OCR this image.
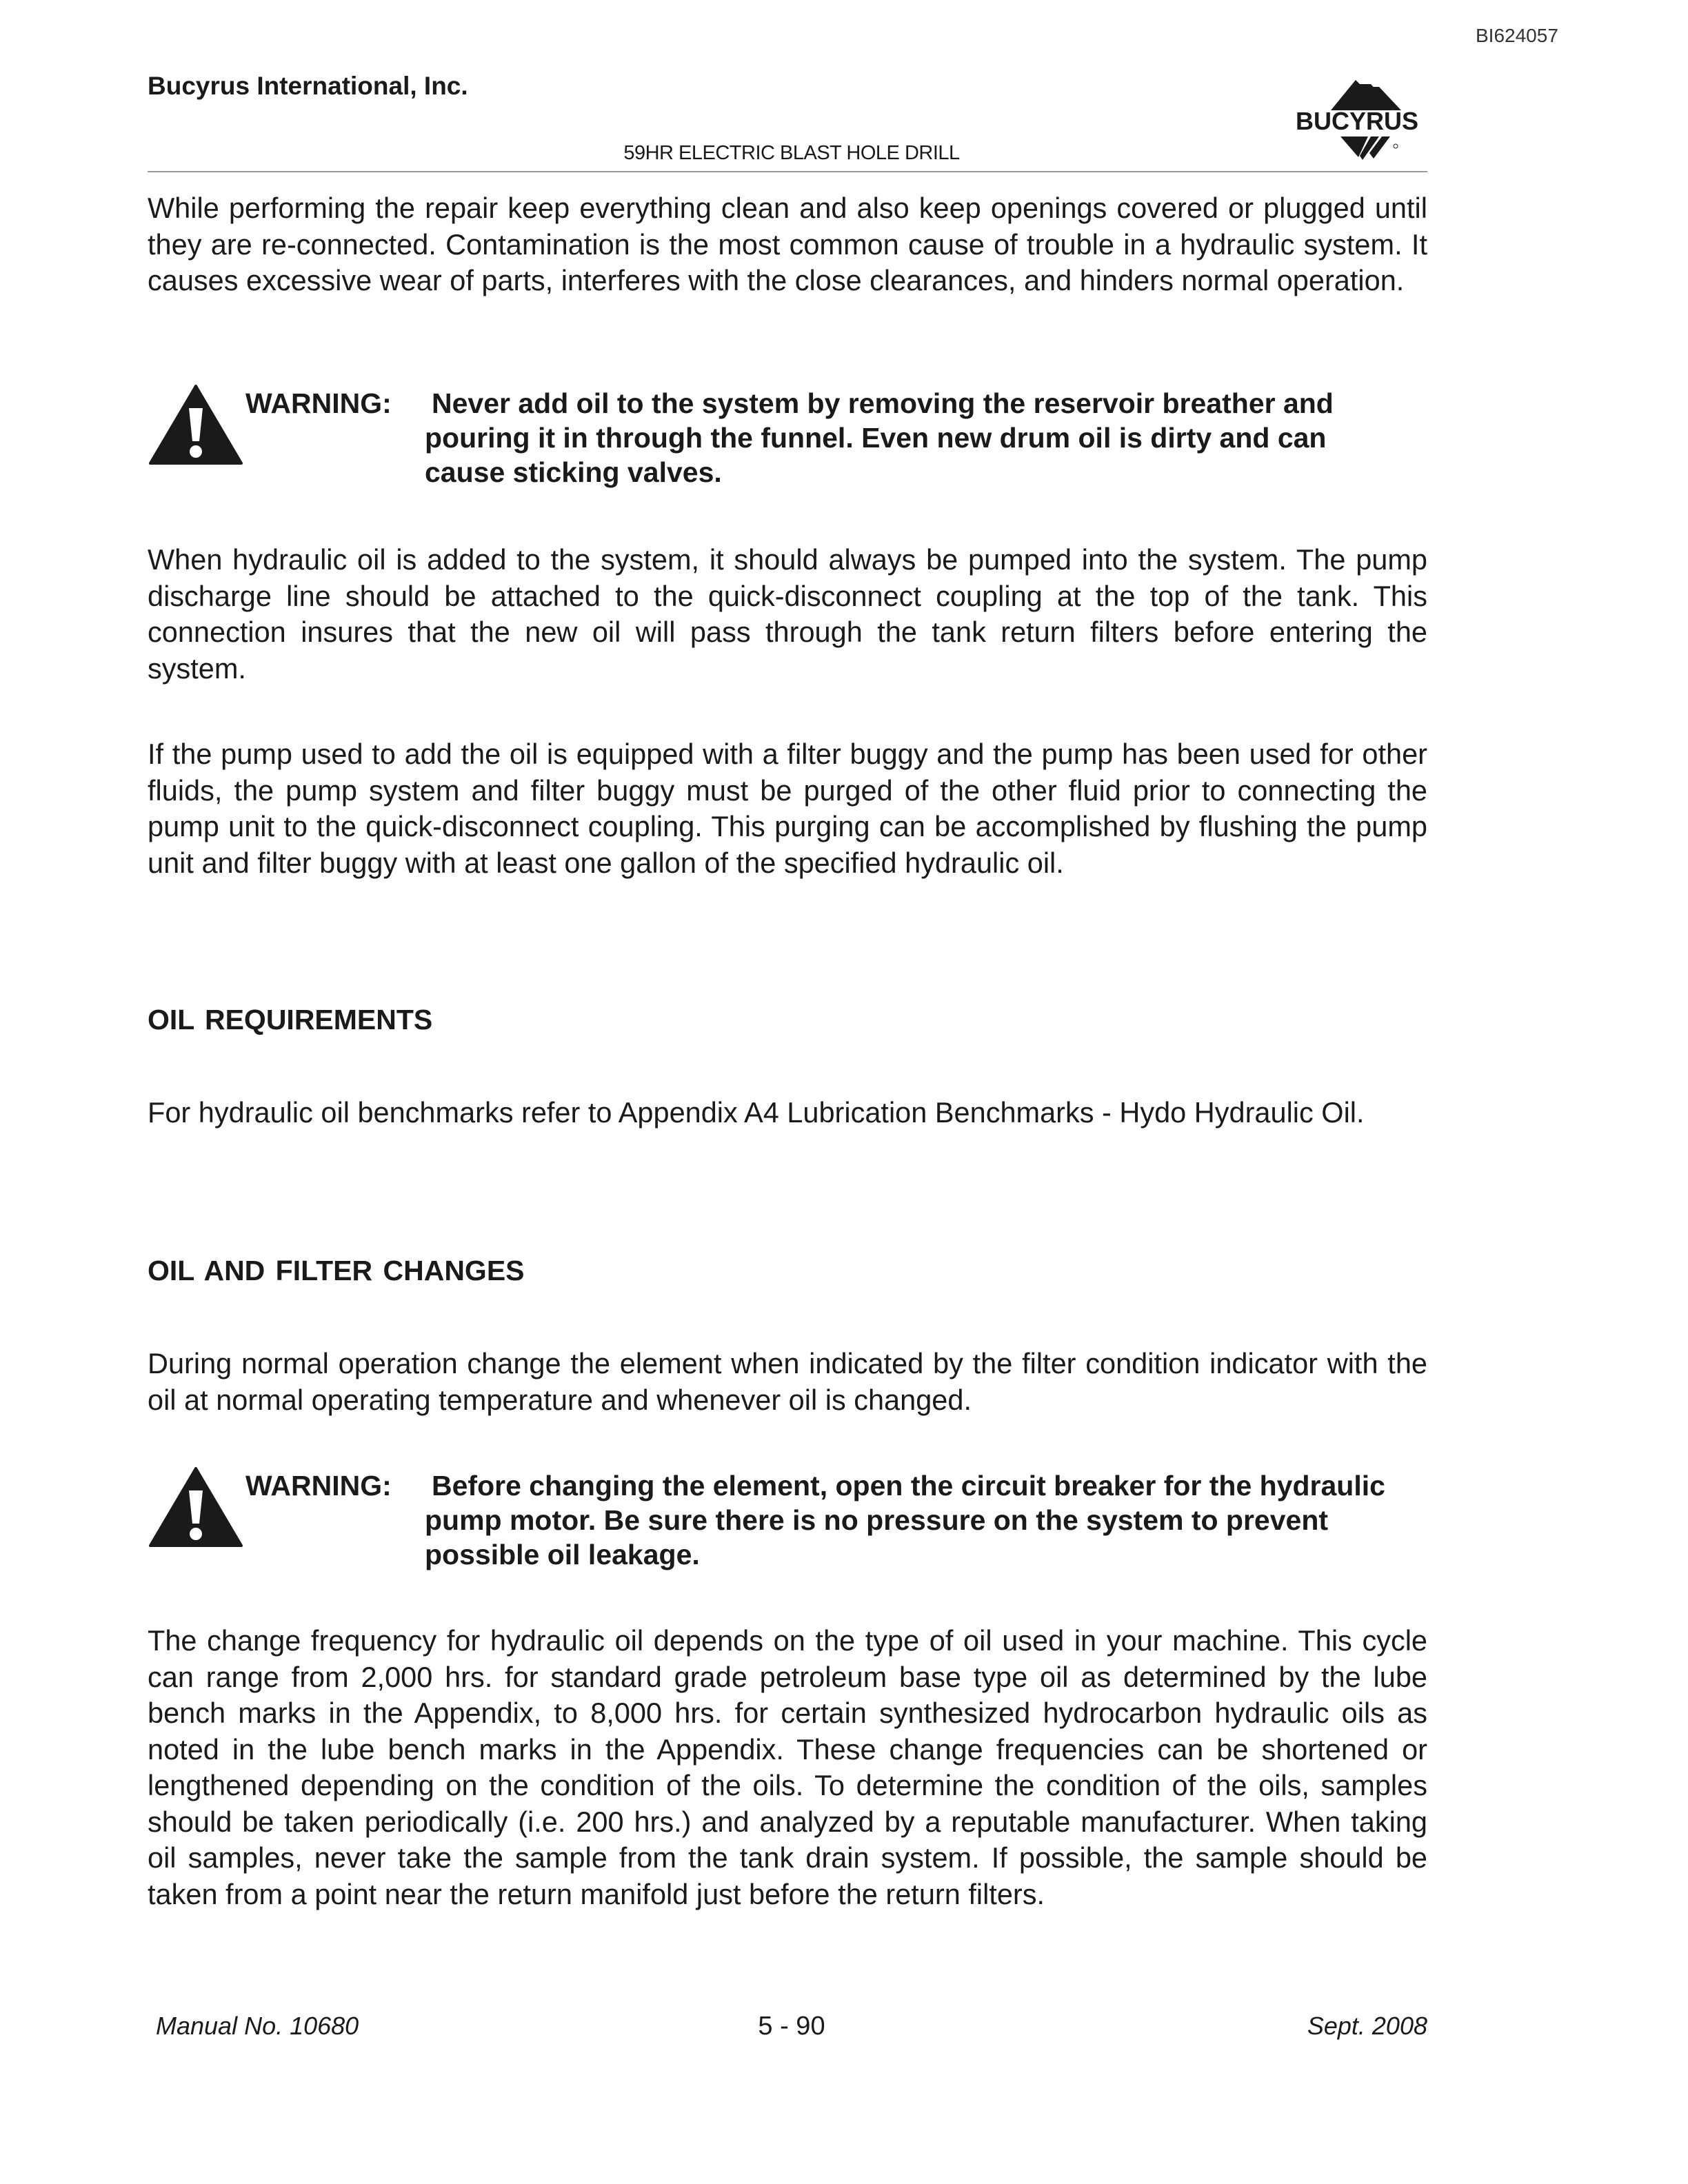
BI624057
Bucyrus International, Inc.
BUCYRUS
59HR ELECTRIC BLAST HOLE DRILL

While performing the repair keep everything clean and also keep openings covered or plugged until they are re-connected. Contamination is the most common cause of trouble in a hydraulic system. It causes excessive wear of parts, interferes with the close clearances, and hinders normal operation.

WARNING: Never add oil to the system by removing the reservoir breather and pouring it in through the funnel. Even new drum oil is dirty and can cause sticking valves.

When hydraulic oil is added to the system, it should always be pumped into the system. The pump discharge line should be attached to the quick-disconnect coupling at the top of the tank. This connection insures that the new oil will pass through the tank return filters before entering the system.

If the pump used to add the oil is equipped with a filter buggy and the pump has been used for other fluids, the pump system and filter buggy must be purged of the other fluid prior to connecting the pump unit to the quick-disconnect coupling. This purging can be accomplished by flushing the pump unit and filter buggy with at least one gallon of the specified hydraulic oil.

OIL REQUIREMENTS

For hydraulic oil benchmarks refer to Appendix A4 Lubrication Benchmarks - Hydo Hydraulic Oil.

OIL AND FILTER CHANGES

During normal operation change the element when indicated by the filter condition indicator with the oil at normal operating temperature and whenever oil is changed.

WARNING: Before changing the element, open the circuit breaker for the hydraulic pump motor. Be sure there is no pressure on the system to prevent possible oil leakage.

The change frequency for hydraulic oil depends on the type of oil used in your machine. This cycle can range from 2,000 hrs. for standard grade petroleum base type oil as determined by the lube bench marks in the Appendix, to 8,000 hrs. for certain synthesized hydrocarbon hydraulic oils as noted in the lube bench marks in the Appendix. These change frequencies can be shortened or lengthened depending on the condition of the oils. To determine the condition of the oils, samples should be taken periodically (i.e. 200 hrs.) and analyzed by a reputable manufacturer. When taking oil samples, never take the sample from the tank drain system. If possible, the sample should be taken from a point near the return manifold just before the return filters.

Manual No. 10680	5 - 90	Sept. 2008
